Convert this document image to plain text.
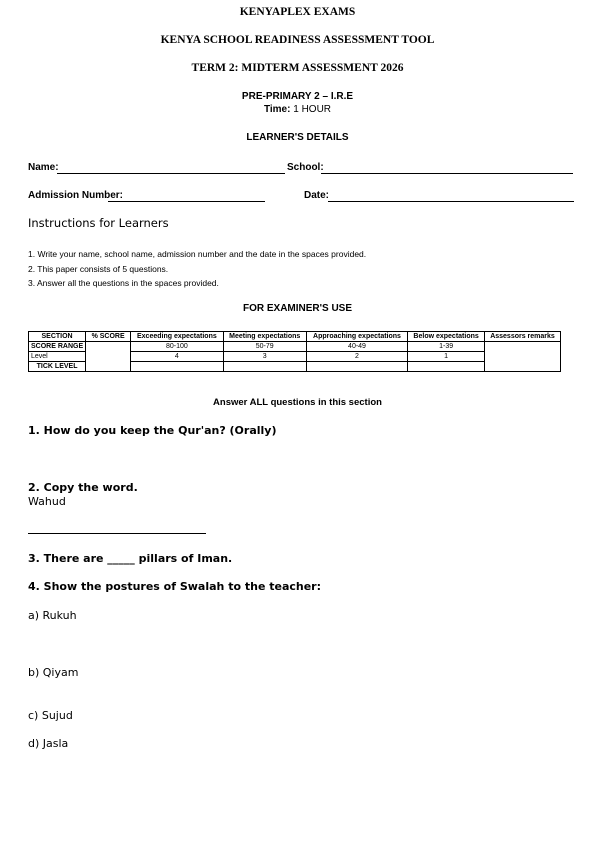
KENYAPLEX EXAMS
KENYA SCHOOL READINESS ASSESSMENT TOOL
TERM 2: MIDTERM ASSESSMENT 2026
PRE-PRIMARY 2 – I.R.E
Time: 1 HOUR
LEARNER'S DETAILS
Name:	School:
Admission Number:	Date:
Instructions for Learners
1. Write your name, school name, admission number and the date in the spaces provided.
2. This paper consists of 5 questions.
3. Answer all the questions in the spaces provided.
FOR EXAMINER'S USE
SECTION	% SCORE	Exceeding expectations	Meeting expectations	Approaching expectations	Below expectations	Assessors remarks
SCORE RANGE		80-100	50-79	40-49	1-39	
Level		4	3	2	1	
TICK LEVEL						
Answer ALL questions in this section
1. How do you keep the Qur'an? (Orally)
2. Copy the word.
Wahud
3. There are _____ pillars of Iman.
4. Show the postures of Swalah to the teacher:
a) Rukuh
b) Qiyam
c) Sujud
d) Jasla
